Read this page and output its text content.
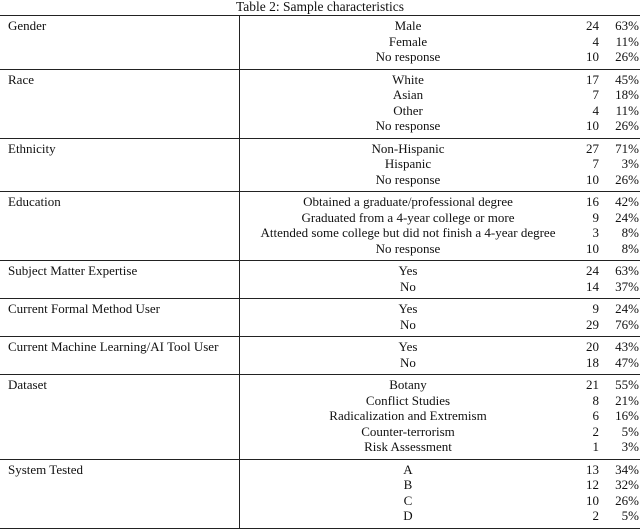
Table 2: Sample characteristics
Gender		Male	24	63%
		Female	4	11%
		No response	10	26%
Race		White	17	45%
		Asian	7	18%
		Other	4	11%
		No response	10	26%
Ethnicity		Non-Hispanic	27	71%
		Hispanic	7	3%
		No response	10	26%
Education		Obtained a graduate/professional degree	16	42%
		Graduated from a 4-year college or more	9	24%
		Attended some college but did not finish a 4-year degree	3	8%
		No response	10	8%
Subject Matter Expertise		Yes	24	63%
		No	14	37%
Current Formal Method User		Yes	9	24%
		No	29	76%
Current Machine Learning/AI Tool User		Yes	20	43%
		No	18	47%
Dataset		Botany	21	55%
		Conflict Studies	8	21%
		Radicalization and Extremism	6	16%
		Counter-terrorism	2	5%
		Risk Assessment	1	3%
System Tested		A	13	34%
		B	12	32%
		C	10	26%
		D	2	5%
